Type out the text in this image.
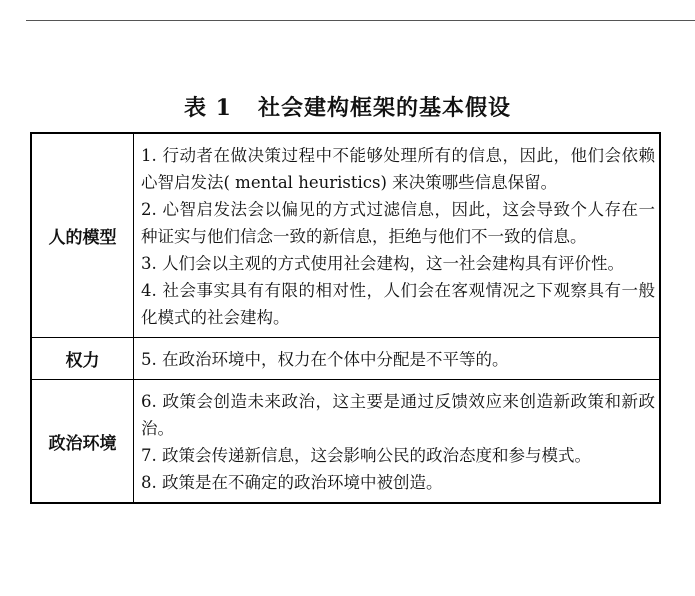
表 1 社会建构框架的基本假设
人的模型	1. 行动者在做决策过程中不能够处理所有的信息，因此，他们会依赖心智启发法( mental heuristics) 来决策哪些信息保留。
2. 心智启发法会以偏见的方式过滤信息，因此，这会导致个人存在一种证实与他们信念一致的新信息，拒绝与他们不一致的信息。
3. 人们会以主观的方式使用社会建构，这一社会建构具有评价性。
4. 社会事实具有有限的相对性，人们会在客观情况之下观察具有一般化模式的社会建构。

权力	5. 在政治环境中，权力在个体中分配是不平等的。

政治环境	6. 政策会创造未来政治，这主要是通过反馈效应来创造新政策和新政治。
7. 政策会传递新信息，这会影响公民的政治态度和参与模式。
8. 政策是在不确定的政治环境中被创造。
